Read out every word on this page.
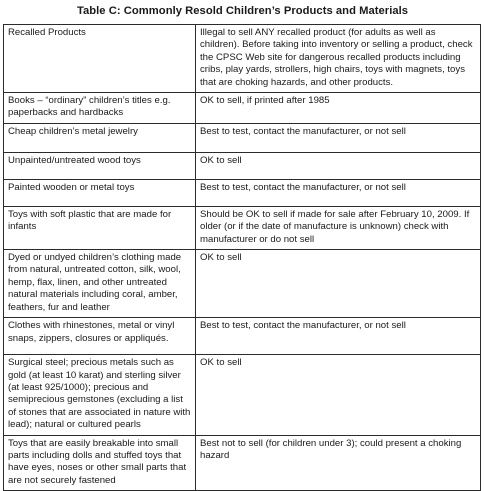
Table C: Commonly Resold Children’s Products and Materials
Recalled Products	Illegal to sell ANY recalled product (for adults as well as children). Before taking into inventory or selling a product, check the CPSC Web site for dangerous recalled products including cribs, play yards, strollers, high chairs, toys with magnets, toys that are choking hazards, and other products.
Books – “ordinary” children’s titles e.g. paperbacks and hardbacks	OK to sell, if printed after 1985
Cheap children’s metal jewelry	Best to test, contact the manufacturer, or not sell
Unpainted/untreated wood toys	OK to sell
Painted wooden or metal toys	Best to test, contact the manufacturer, or not sell
Toys with soft plastic that are made for infants	Should be OK to sell if made for sale after February 10, 2009. If older (or if the date of manufacture is unknown) check with manufacturer or do not sell
Dyed or undyed children’s clothing made from natural, untreated cotton, silk, wool, hemp, flax, linen, and other untreated natural materials including coral, amber, feathers, fur and leather	OK to sell
Clothes with rhinestones, metal or vinyl snaps, zippers, closures or appliqués.	Best to test, contact the manufacturer, or not sell
Surgical steel; precious metals such as gold (at least 10 karat) and sterling silver (at least 925/1000); precious and semiprecious gemstones (excluding a list of stones that are associated in nature with lead); natural or cultured pearls	OK to sell
Toys that are easily breakable into small parts including dolls and stuffed toys that have eyes, noses or other small parts that are not securely fastened	Best not to sell (for children under 3); could present a choking hazard
